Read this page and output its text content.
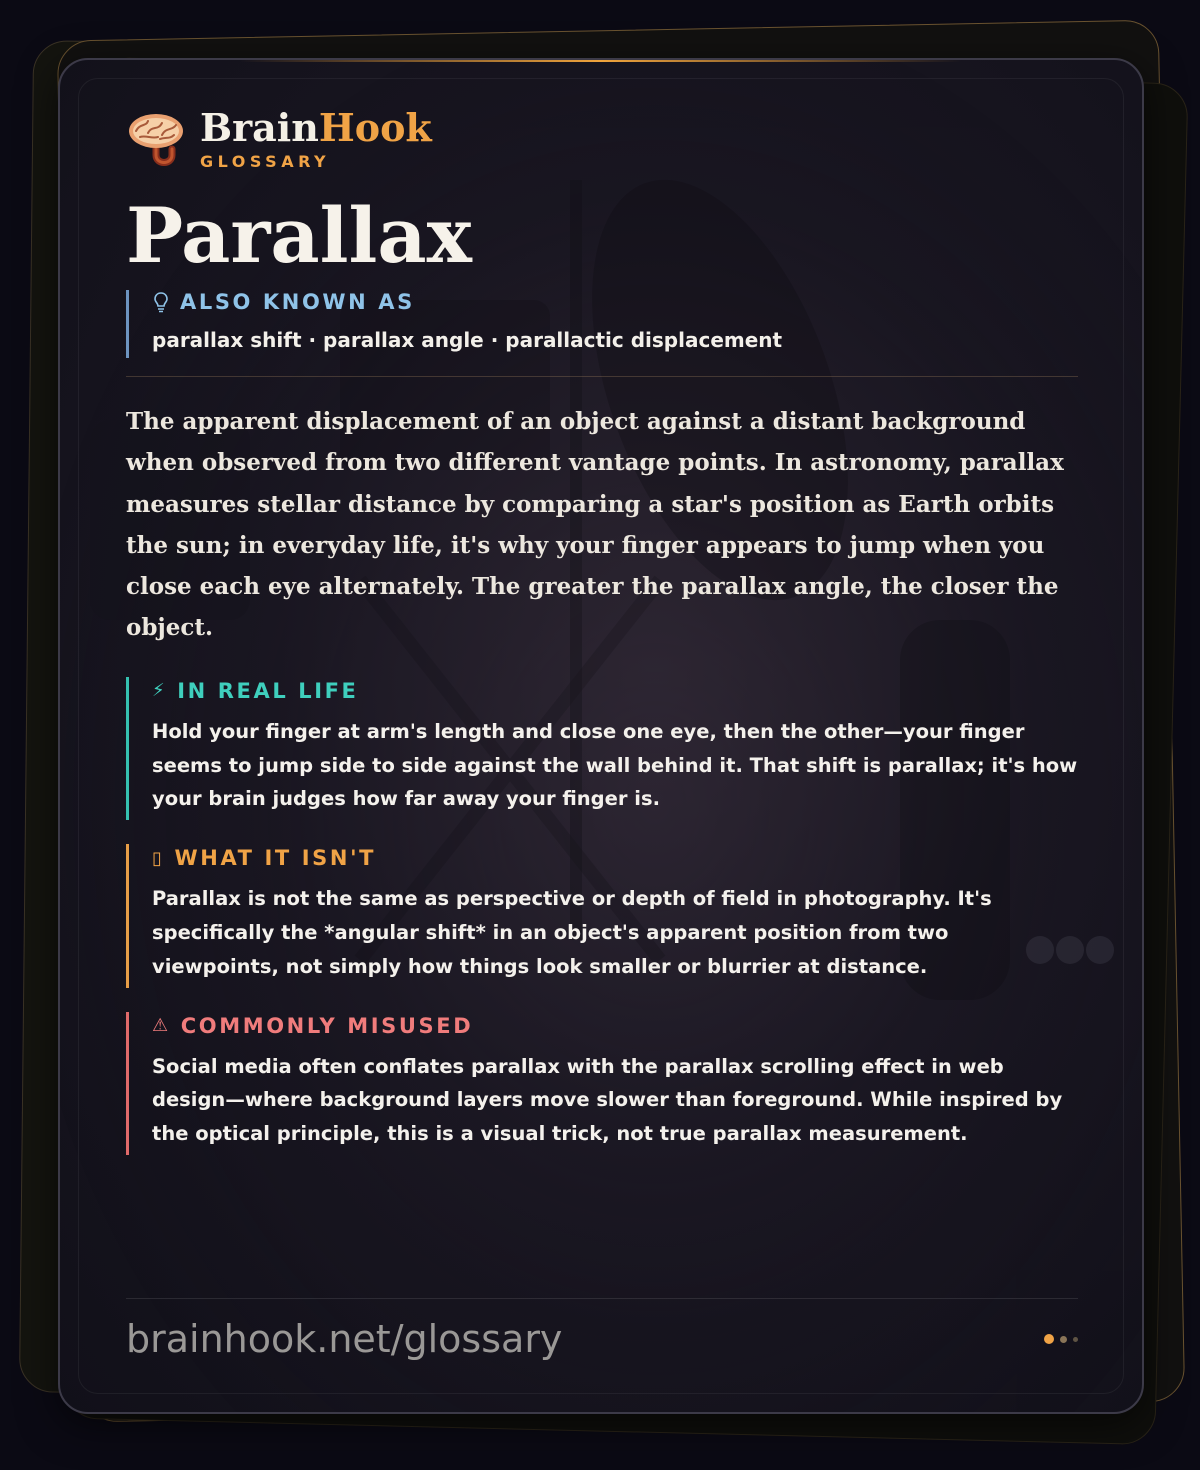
BrainHook
GLOSSARY
Parallax
ALSO KNOWN AS
parallax shift · parallax angle · parallactic displacement
The apparent displacement of an object against a distant background when observed from two different vantage points. In astronomy, parallax measures stellar distance by comparing a star's position as Earth orbits the sun; in everyday life, it's why your finger appears to jump when you close each eye alternately. The greater the parallax angle, the closer the object.
⚡ IN REAL LIFE
Hold your finger at arm's length and close one eye, then the other—your finger seems to jump side to side against the wall behind it. That shift is parallax; it's how your brain judges how far away your finger is.
▯ WHAT IT ISN'T
Parallax is not the same as perspective or depth of field in photography. It's specifically the *angular shift* in an object's apparent position from two viewpoints, not simply how things look smaller or blurrier at distance.
⚠ COMMONLY MISUSED
Social media often conflates parallax with the parallax scrolling effect in web design—where background layers move slower than foreground. While inspired by the optical principle, this is a visual trick, not true parallax measurement.
brainhook.net/glossary
